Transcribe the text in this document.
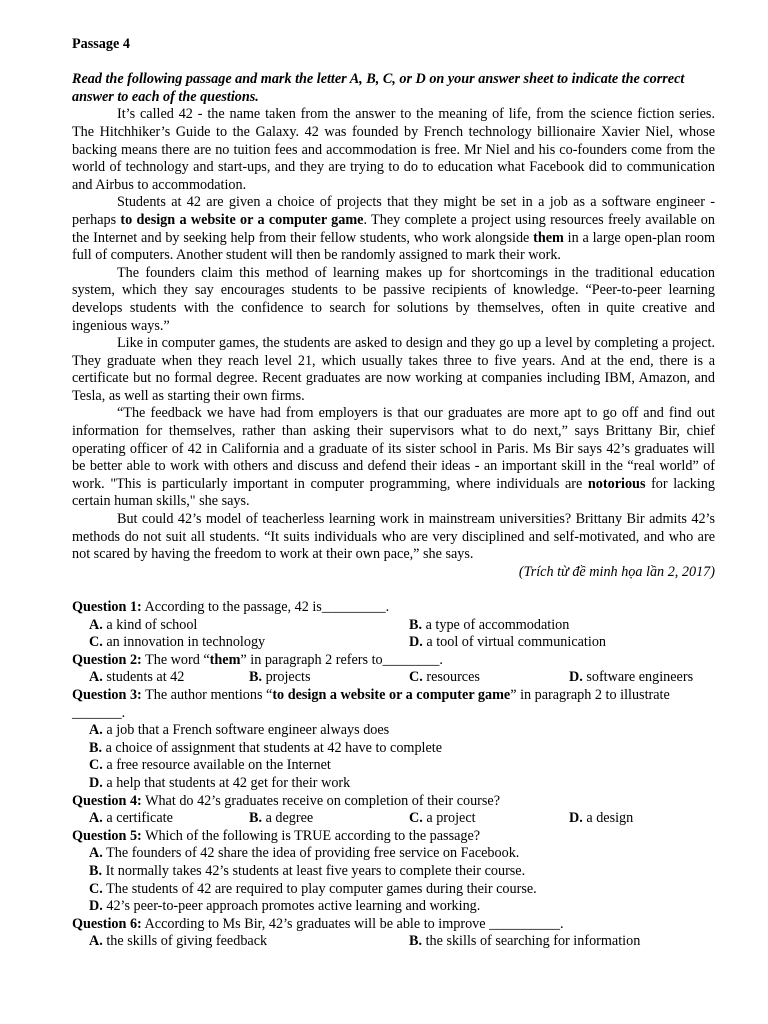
Passage 4

Read the following passage and mark the letter A, B, C, or D on your answer sheet to indicate the correct answer to each of the questions.

It’s called 42 - the name taken from the answer to the meaning of life, from the science fiction series. The Hitchhiker’s Guide to the Galaxy. 42 was founded by French technology billionaire Xavier Niel, whose backing means there are no tuition fees and accommodation is free. Mr Niel and his co-founders come from the world of technology and start-ups, and they are trying to do to education what Facebook did to communication and Airbus to accommodation.

Students at 42 are given a choice of projects that they might be set in a job as a software engineer - perhaps to design a website or a computer game. They complete a project using resources freely available on the Internet and by seeking help from their fellow students, who work alongside them in a large open-plan room full of computers. Another student will then be randomly assigned to mark their work.

The founders claim this method of learning makes up for shortcomings in the traditional education system, which they say encourages students to be passive recipients of knowledge. “Peer-to-peer learning develops students with the confidence to search for solutions by themselves, often in quite creative and ingenious ways.”

Like in computer games, the students are asked to design and they go up a level by completing a project. They graduate when they reach level 21, which usually takes three to five years. And at the end, there is a certificate but no formal degree. Recent graduates are now working at companies including IBM, Amazon, and Tesla, as well as starting their own firms.

“The feedback we have had from employers is that our graduates are more apt to go off and find out information for themselves, rather than asking their supervisors what to do next,” says Brittany Bir, chief operating officer of 42 in California and a graduate of its sister school in Paris. Ms Bir says 42’s graduates will be better able to work with others and discuss and defend their ideas - an important skill in the “real world” of work. "This is particularly important in computer programming, where individuals are notorious for lacking certain human skills," she says.

But could 42’s model of teacherless learning work in mainstream universities? Brittany Bir admits 42’s methods do not suit all students. “It suits individuals who are very disciplined and self-motivated, and who are not scared by having the freedom to work at their own pace,” she says.

(Trích từ đề minh họa lần 2, 2017)

Question 1: According to the passage, 42 is_________.

A. a kind of school	B. a type of accommodation
C. an innovation in technology	D. a tool of virtual communication

Question 2: The word “them” in paragraph 2 refers to________.

A. students at 42	B. projects	C. resources	D. software engineers

Question 3: The author mentions “to design a website or a computer game” in paragraph 2 to illustrate _______.

A. a job that a French software engineer always does

B. a choice of assignment that students at 42 have to complete

C. a free resource available on the Internet

D. a help that students at 42 get for their work

Question 4: What do 42’s graduates receive on completion of their course?

A. a certificate	B. a degree	C. a project	D. a design

Question 5: Which of the following is TRUE according to the passage?

A. The founders of 42 share the idea of providing free service on Facebook.

B. It normally takes 42’s students at least five years to complete their course.

C. The students of 42 are required to play computer games during their course.

D. 42’s peer-to-peer approach promotes active learning and working.

Question 6: According to Ms Bir, 42’s graduates will be able to improve __________.

A. the skills of giving feedback	B. the skills of searching for information
